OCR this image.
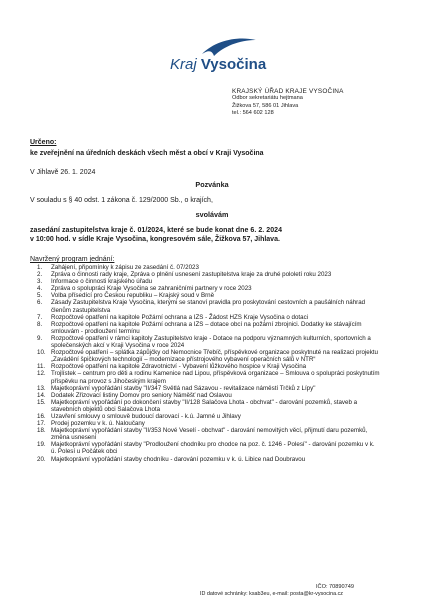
Kraj Vysočina
KRAJSKÝ ÚŘAD KRAJE VYSOČINA
Odbor sekretariátu hejtmana
Žižkova 57, 586 01 Jihlava
tel.: 564 602 128
Určeno:
ke zveřejnění na úředních deskách všech měst a obcí v Kraji Vysočina
V Jihlavě 26. 1. 2024
Pozvánka
V souladu s § 40 odst. 1 zákona č. 129/2000 Sb., o krajích,
svolávám
zasedání zastupitelstva kraje č. 01/2024, které se bude konat dne 6. 2. 2024
v 10:00 hod. v sídle Kraje Vysočina, kongresovém sále, Žižkova 57, Jihlava.
Navržený program jednání:
1. Zahájení, připomínky k zápisu ze zasedání č. 07/2023
2. Zpráva o činnosti rady kraje, Zpráva o plnění usnesení zastupitelstva kraje za druhé pololetí roku 2023
3. Informace o činnosti krajského úřadu
4. Zpráva o spolupráci Kraje Vysočina se zahraničními partnery v roce 2023
5. Volba přísedící pro Českou republiku – Krajský soud v Brně
6. Zásady Zastupitelstva Kraje Vysočina, kterými se stanoví pravidla pro poskytování cestovních a paušálních náhrad členům zastupitelstva
7. Rozpočtové opatření na kapitole Požární ochrana a IZS - Žádost HZS Kraje Vysočina o dotaci
8. Rozpočtové opatření na kapitole Požární ochrana a IZS – dotace obcí na požární zbrojnici. Dodatky ke stávajícím smlouvám - prodloužení termínu
9. Rozpočtové opatření v rámci kapitoly Zastupitelstvo kraje - Dotace na podporu významných kulturních, sportovních a společenských akcí v Kraji Vysočina v roce 2024
10. Rozpočtové opatření – splátka zápůjčky od Nemocnice Třebíč, příspěvkové organizace poskytnuté na realizaci projektu „Zavádění špičkových technologií – modernizace přístrojového vybavení operačních sálů v NTR“
11. Rozpočtové opatření na kapitole Zdravotnictví - Vybavení lůžkového hospice v Kraji Vysočina
12. Trojlístek – centrum pro děti a rodinu Kamenice nad Lipou, příspěvková organizace – Smlouva o spolupráci poskytnutím příspěvku na provoz s Jihočeským krajem
13. Majetkoprávní vypořádání stavby "II/347 Světlá nad Sázavou - revitalizace náměstí Trčků z Lípy"
14. Dodatek Zřizovací listiny Domov pro seniory Náměšť nad Oslavou
15. Majetkoprávní vypořádání po dokončení stavby "II/128 Salačova Lhota - obchvat" - darování pozemků, staveb a stavebních objektů obci Salačova Lhota
16. Uzavření smlouvy o smlouvě budoucí darovací - k.ú. Jamné u Jihlavy
17. Prodej pozemku v k. ú. Naloučany
18. Majetkoprávní vypořádání stavby "II/353 Nové Veselí - obchvat" - darování nemovitých věcí, přijmutí daru pozemků, změna usnesení
19. Majetkoprávní vypořádání stavby "Prodloužení chodníku pro chodce na poz. č. 1246 - Polesí" - darování pozemku v k. ú. Polesí u Počátek obci
20. Majetkoprávní vypořádání stavby chodníku - darování pozemku v k. ú. Libice nad Doubravou
IČO: 70890749
ID datové schránky: ksab3eu, e-mail: posta@kr-vysocina.cz
